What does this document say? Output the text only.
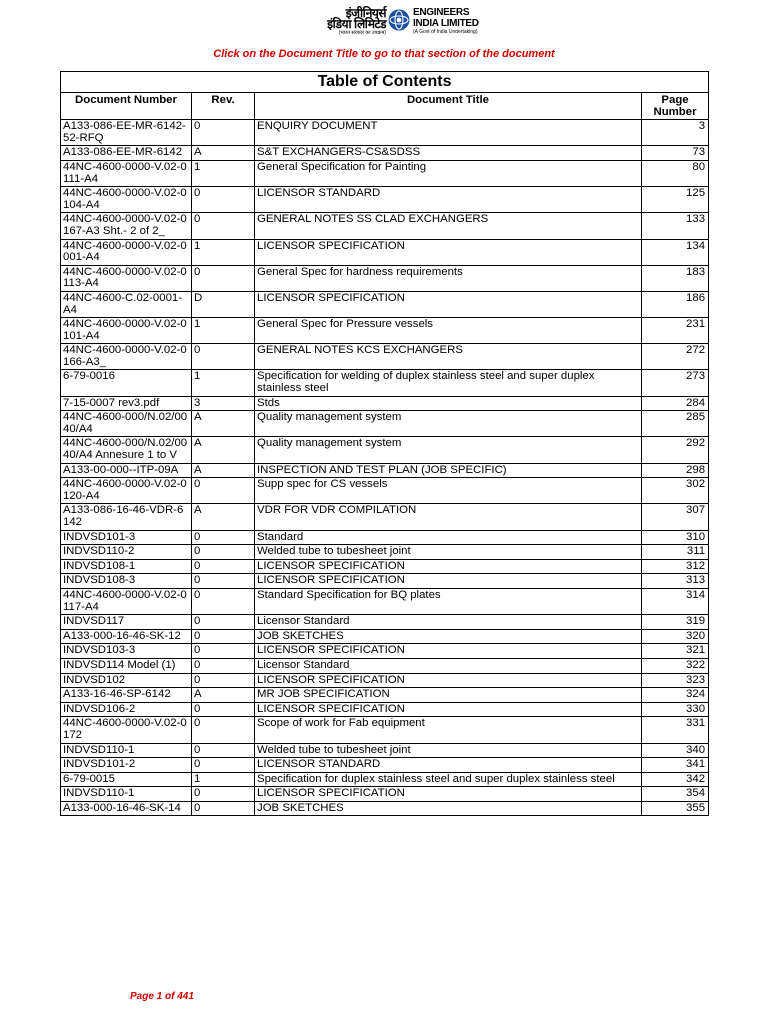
इंजीनियर्स
इंडिया लिमिटेड
(भारत सरकार का उपक्रम)
ENGINEERS
INDIA LIMITED
(A Govt of India Undertaking)
Click on the Document Title to go to that section of the document
Table of Contents			
Document Number	Rev.	Document Title	Page Number
A133-086-EE-MR-6142-52-RFQ	0	ENQUIRY DOCUMENT	3
A133-086-EE-MR-6142	A	S&T EXCHANGERS-CS&SDSS	73
44NC-4600-0000-V.02-0111-A4	1	General Specification for Painting	80
44NC-4600-0000-V.02-0104-A4	0	LICENSOR STANDARD	125
44NC-4600-0000-V.02-0167-A3 Sht.- 2 of 2_	0	GENERAL NOTES SS CLAD EXCHANGERS	133
44NC-4600-0000-V.02-0001-A4	1	LICENSOR SPECIFICATION	134
44NC-4600-0000-V.02-0113-A4	0	General Spec for hardness requirements	183
44NC-4600-C.02-0001-A4	D	LICENSOR SPECIFICATION	186
44NC-4600-0000-V.02-0101-A4	1	General Spec for Pressure vessels	231
44NC-4600-0000-V.02-0166-A3_	0	GENERAL NOTES KCS EXCHANGERS	272
6-79-0016	1	Specification for welding of duplex stainless steel and super duplex stainless steel	273
7-15-0007 rev3.pdf	3	Stds	284
44NC-4600-000/N.02/0040/A4	A	Quality management system	285
44NC-4600-000/N.02/0040/A4 Annesure 1 to V	A	Quality management system	292
A133-00-000--ITP-09A	A	INSPECTION AND TEST PLAN (JOB SPECIFIC)	298
44NC-4600-0000-V.02-0120-A4	0	Supp spec for CS vessels	302
A133-086-16-46-VDR-6142	A	VDR FOR VDR COMPILATION	307
INDVSD101-3	0	Standard	310
INDVSD110-2	0	Welded tube to tubesheet joint	311
INDVSD108-1	0	LICENSOR SPECIFICATION	312
INDVSD108-3	0	LICENSOR SPECIFICATION	313
44NC-4600-0000-V.02-0117-A4	0	Standard Specification for BQ plates	314
INDVSD117	0	Licensor Standard	319
A133-000-16-46-SK-12	0	JOB SKETCHES	320
INDVSD103-3	0	LICENSOR SPECIFICATION	321
INDVSD114 Model (1)	0	Licensor Standard	322
INDVSD102	0	LICENSOR SPECIFICATION	323
A133-16-46-SP-6142	A	MR JOB SPECIFICATION	324
INDVSD106-2	0	LICENSOR SPECIFICATION	330
44NC-4600-0000-V.02-0172	0	Scope of work for Fab equipment	331
INDVSD110-1	0	Welded tube to tubesheet joint	340
INDVSD101-2	0	LICENSOR STANDARD	341
6-79-0015	1	Specification for duplex stainless steel and super duplex stainless steel	342
INDVSD110-1	0	LICENSOR SPECIFICATION	354
A133-000-16-46-SK-14	0	JOB SKETCHES	355
Page 1 of 441
